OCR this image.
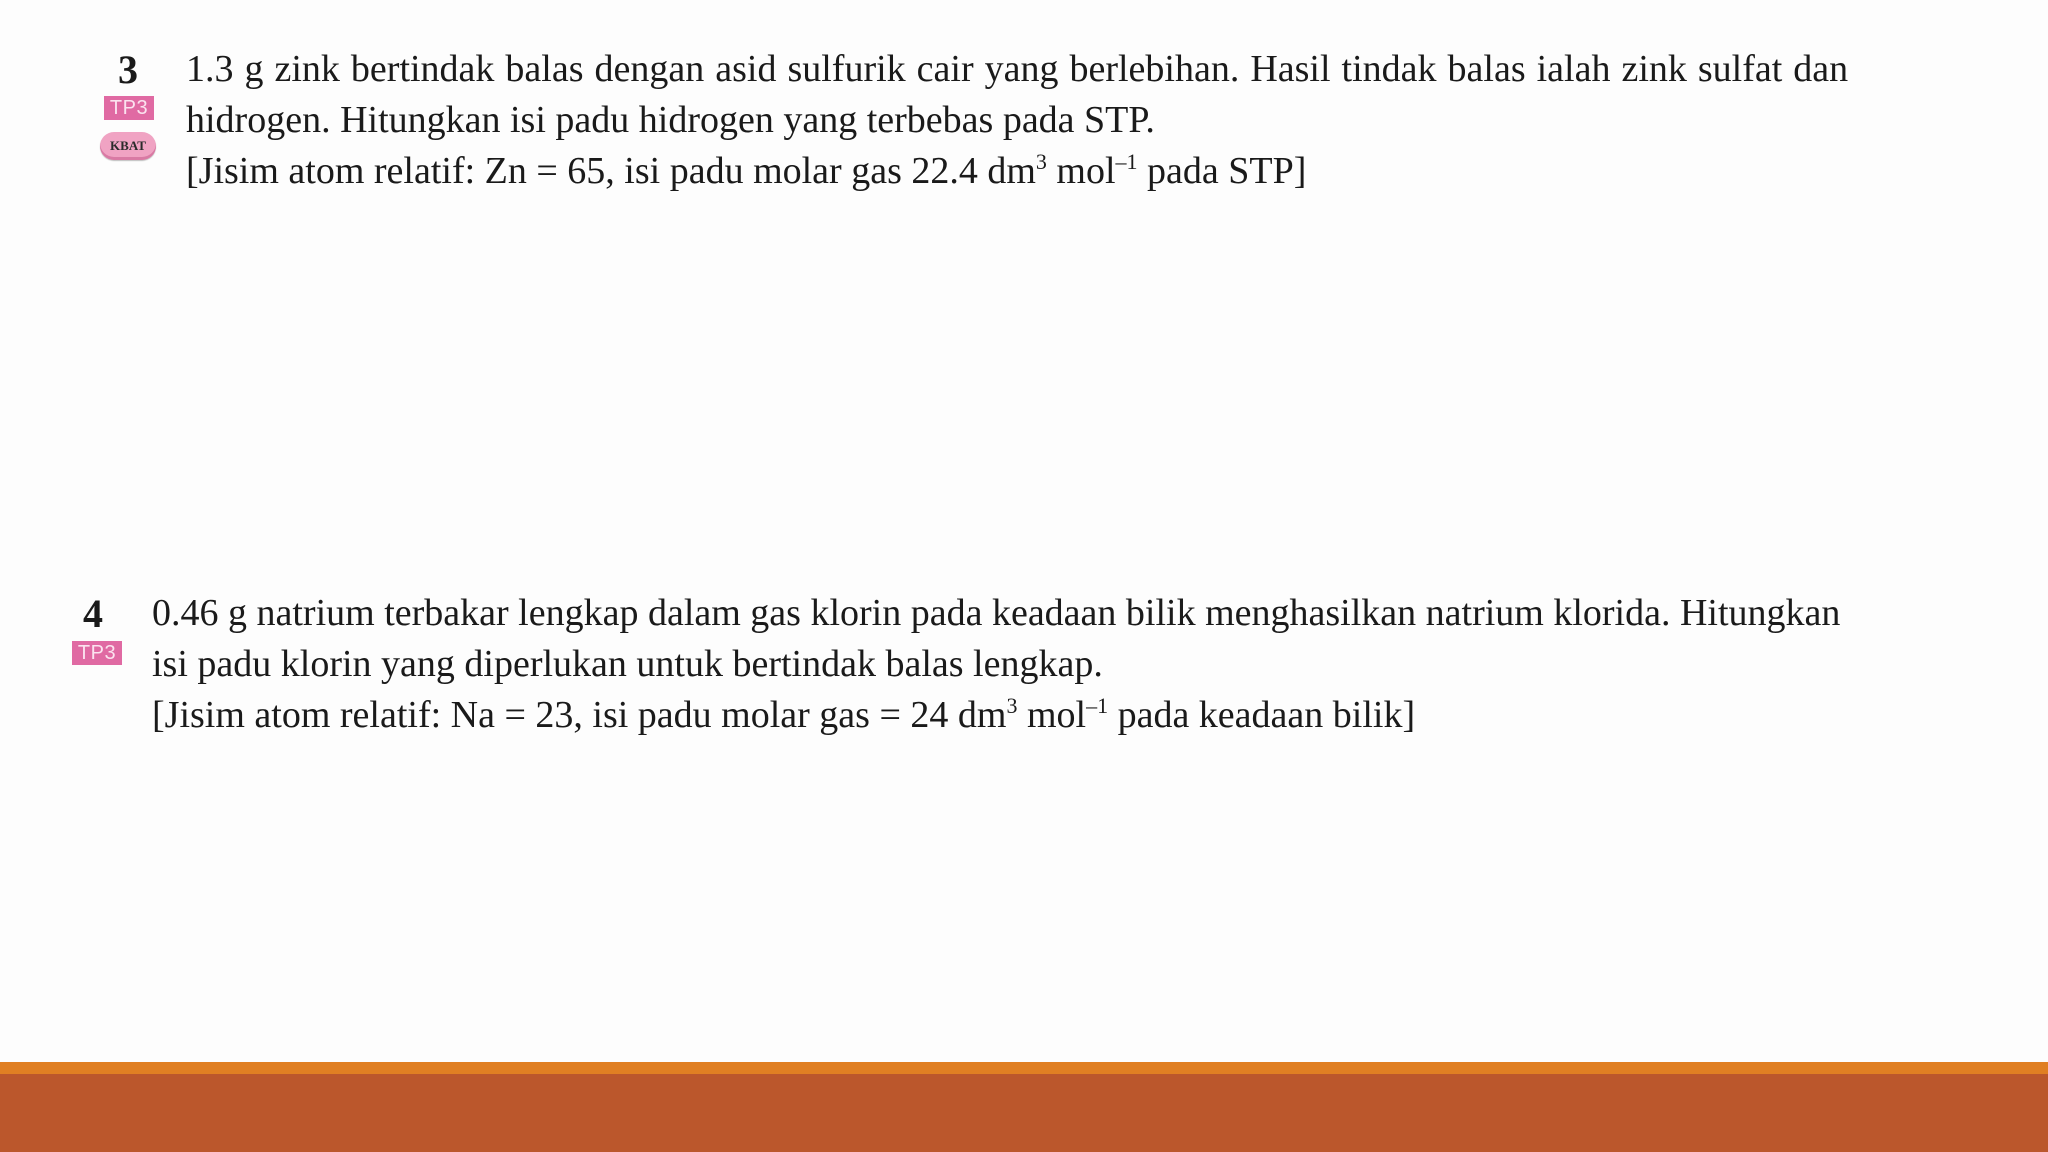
3
TP3
KBAT
1.3 g zink bertindak balas dengan asid sulfurik cair yang berlebihan. Hasil tindak balas ialah zink sulfat dan
hidrogen. Hitungkan isi padu hidrogen yang terbebas pada STP.
[Jisim atom relatif: Zn = 65, isi padu molar gas 22.4 $dm^3$ mol$^{-1}$ pada STP]
4
TP3
0.46 g natrium terbakar lengkap dalam gas klorin pada keadaan bilik menghasilkan natrium klorida. Hitungkan
isi padu klorin yang diperlukan untuk bertindak balas lengkap.
[Jisim atom relatif: Na = 23, isi padu molar gas = 24 $dm^3$ mol$^{-1}$ pada keadaan bilik]
